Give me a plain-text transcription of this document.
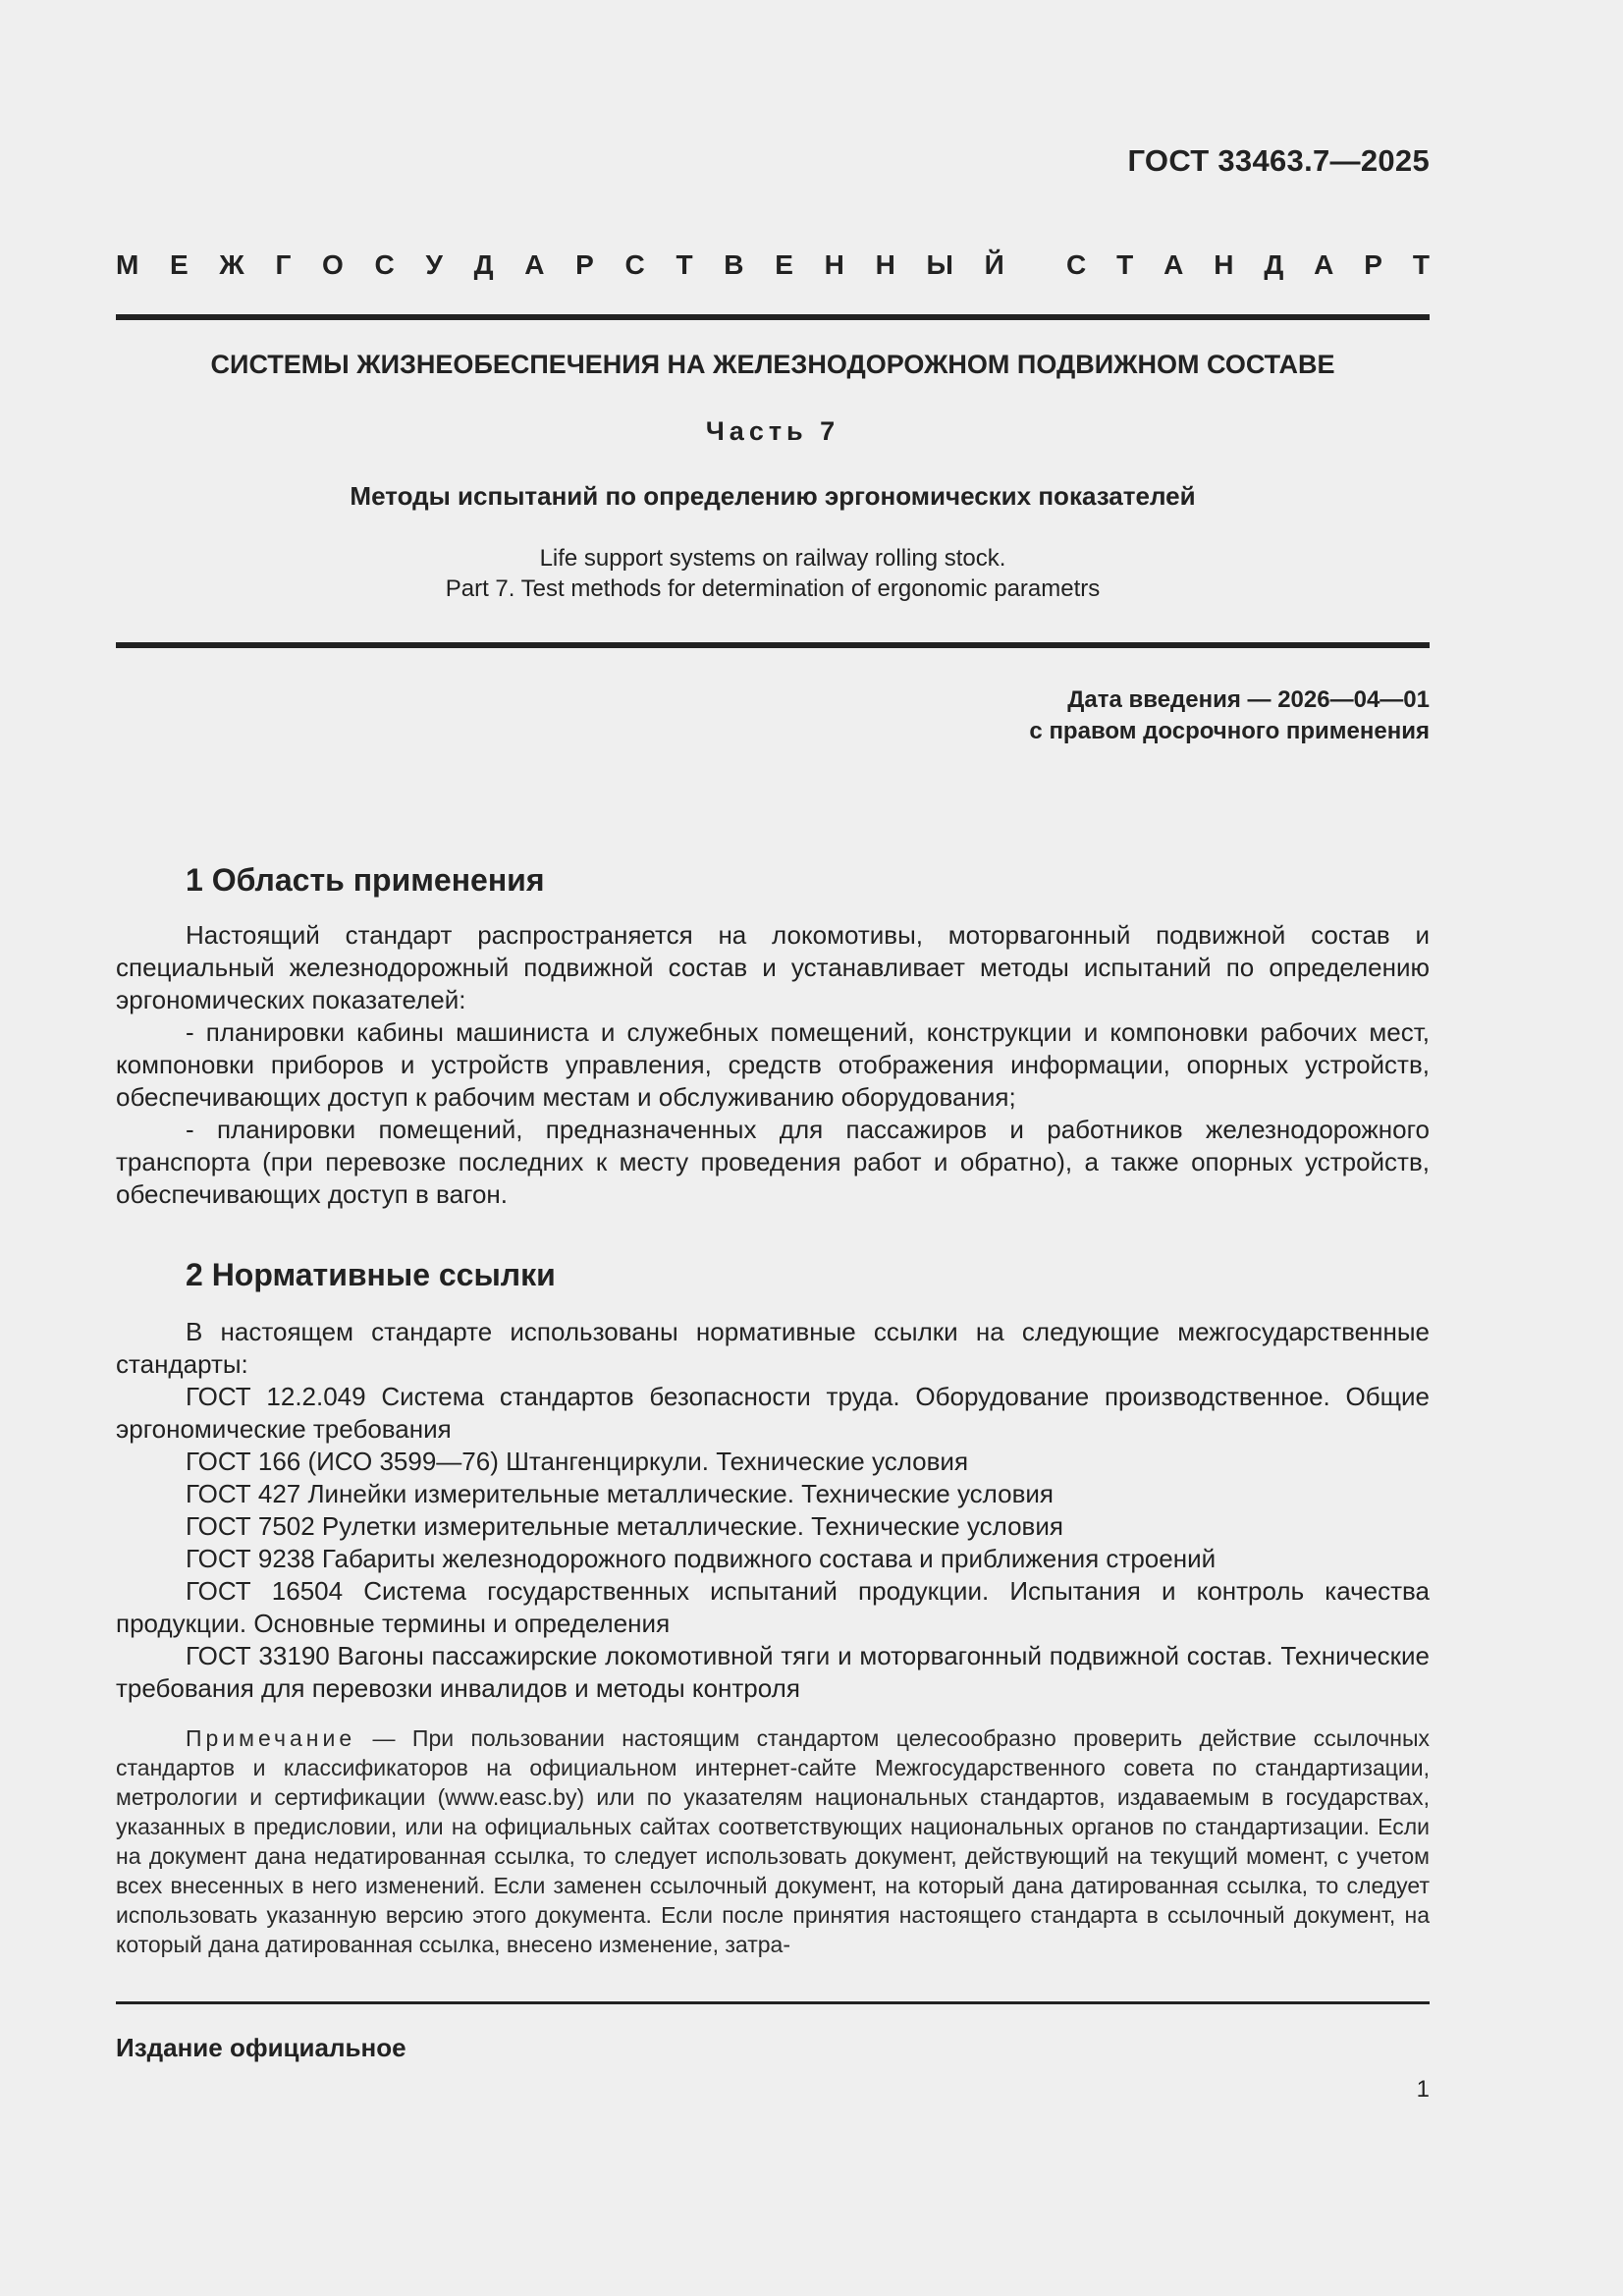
ГОСТ 33463.7—2025
М Е Ж Г О С У Д А Р С Т В Е Н Н Ы Й С Т А Н Д А Р Т
СИСТЕМЫ ЖИЗНЕОБЕСПЕЧЕНИЯ НА ЖЕЛЕЗНОДОРОЖНОМ ПОДВИЖНОМ СОСТАВЕ
Часть 7
Методы испытаний по определению эргономических показателей
Life support systems on railway rolling stock.
Part 7. Test methods for determination of ergonomic parametrs
Дата введения — 2026—04—01
с правом досрочного применения
1 Область применения

Настоящий стандарт распространяется на локомотивы, моторвагонный подвижной состав и специальный железнодорожный подвижной состав и устанавливает методы испытаний по определению эргономических показателей:

- планировки кабины машиниста и служебных помещений, конструкции и компоновки рабочих мест, компоновки приборов и устройств управления, средств отображения информации, опорных устройств, обеспечивающих доступ к рабочим местам и обслуживанию оборудования;

- планировки помещений, предназначенных для пассажиров и работников железнодорожного транспорта (при перевозке последних к месту проведения работ и обратно), а также опорных устройств, обеспечивающих доступ в вагон.

2 Нормативные ссылки

В настоящем стандарте использованы нормативные ссылки на следующие межгосударственные стандарты:

ГОСТ 12.2.049 Система стандартов безопасности труда. Оборудование производственное. Общие эргономические требования

ГОСТ 166 (ИСО 3599—76) Штангенциркули. Технические условия

ГОСТ 427 Линейки измерительные металлические. Технические условия

ГОСТ 7502 Рулетки измерительные металлические. Технические условия

ГОСТ 9238 Габариты железнодорожного подвижного состава и приближения строений

ГОСТ 16504 Система государственных испытаний продукции. Испытания и контроль качества продукции. Основные термины и определения

ГОСТ 33190 Вагоны пассажирские локомотивной тяги и моторвагонный подвижной состав. Технические требования для перевозки инвалидов и методы контроля

Примечание — При пользовании настоящим стандартом целесообразно проверить действие ссылочных стандартов и классификаторов на официальном интернет-сайте Межгосударственного совета по стандартизации, метрологии и сертификации (www.easc.by) или по указателям национальных стандартов, издаваемым в государствах, указанных в предисловии, или на официальных сайтах соответствующих национальных органов по стандартизации. Если на документ дана недатированная ссылка, то следует использовать документ, действующий на текущий момент, с учетом всех внесенных в него изменений. Если заменен ссылочный документ, на который дана датированная ссылка, то следует использовать указанную версию этого документа. Если после принятия настоящего стандарта в ссылочный документ, на который дана датированная ссылка, внесено изменение, затра-

Издание официальное
1
